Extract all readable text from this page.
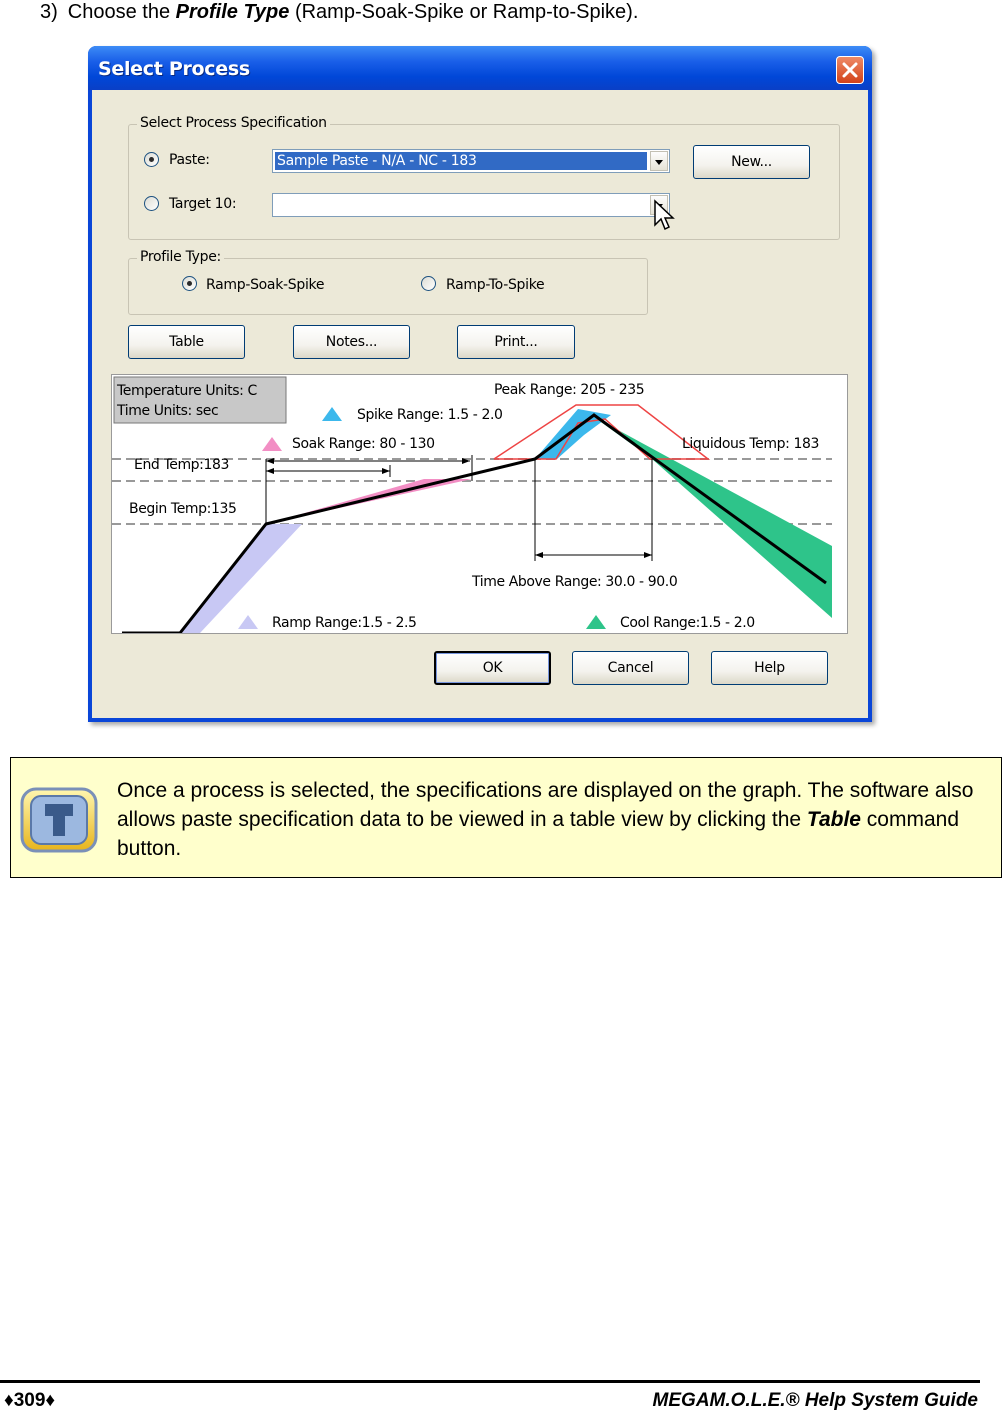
3) Choose the Profile Type (Ramp-Soak-Spike or Ramp-to-Spike).
Select Process
Select Process Specification
Paste:	Sample Paste - N/A - NC - 183	New...
Target 10:
Profile Type:
Ramp-Soak-Spike	Ramp-To-Spike
Table	Notes...	Print...
Temperature Units: C
Time Units: sec
Peak Range: 205 - 235
Spike Range: 1.5 - 2.0
Soak Range: 80 - 130	Liquidous Temp: 183
End Temp:183
Begin Temp:135
Time Above Range: 30.0 - 90.0
Ramp Range:1.5 - 2.5	Cool Range:1.5 - 2.0
OK	Cancel	Help
Once a process is selected, the specifications are displayed on the graph. The software also allows paste specification data to be viewed in a table view by clicking the Table command button.
♦309♦	MEGAM.O.L.E.® Help System Guide
